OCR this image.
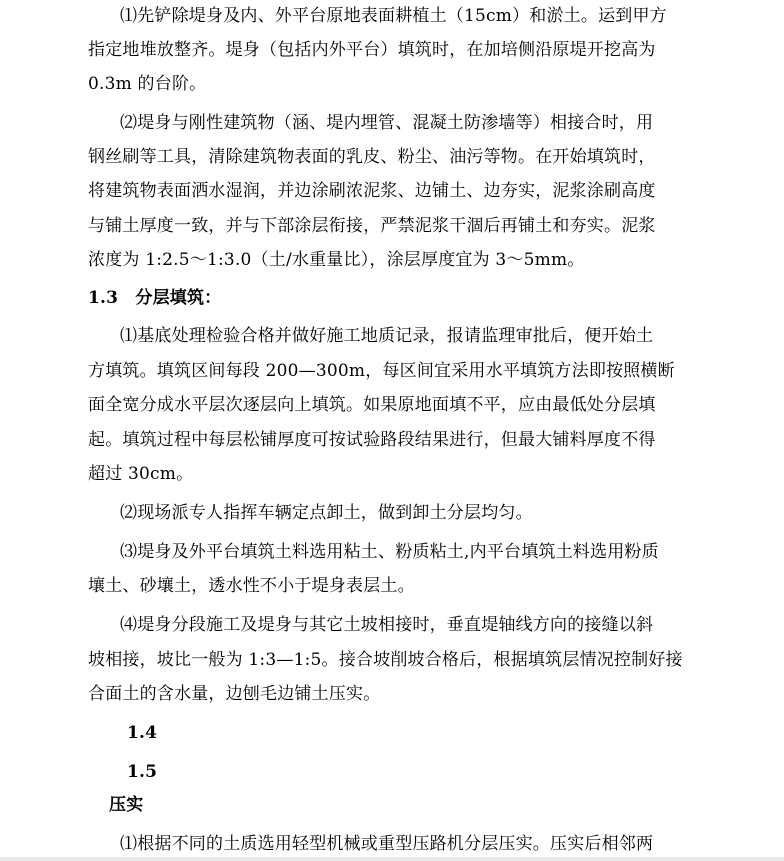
⑴先铲除堤身及内、外平台原地表面耕植土（15cm）和淤土。运到甲方
指定地堆放整齐。堤身（包括内外平台）填筑时，在加培侧沿原堤开挖高为
0.3m 的台阶。
⑵堤身与刚性建筑物（涵、堤内埋管、混凝土防渗墙等）相接合时，用
钢丝刷等工具，清除建筑物表面的乳皮、粉尘、油污等物。在开始填筑时，
将建筑物表面洒水湿润，并边涂刷浓泥浆、边铺土、边夯实，泥浆涂刷高度
与铺土厚度一致，并与下部涂层衔接，严禁泥浆干涸后再铺土和夯实。泥浆
浓度为 1:2.5～1:3.0（土/水重量比），涂层厚度宜为 3～5mm。
1.3　分层填筑：
⑴基底处理检验合格并做好施工地质记录，报请监理审批后，便开始土
方填筑。填筑区间每段 200—300m，每区间宜采用水平填筑方法即按照横断
面全宽分成水平层次逐层向上填筑。如果原地面填不平，应由最低处分层填
起。填筑过程中每层松铺厚度可按试验路段结果进行，但最大铺料厚度不得
超过 30cm。
⑵现场派专人指挥车辆定点卸土，做到卸土分层均匀。
⑶堤身及外平台填筑土料选用粘土、粉质粘土,内平台填筑土料选用粉质
壤土、砂壤土，透水性不小于堤身表层土。
⑷堤身分段施工及堤身与其它土坡相接时，垂直堤轴线方向的接缝以斜
坡相接，坡比一般为 1:3—1:5。接合坡削坡合格后，根据填筑层情况控制好接
合面土的含水量，边刨毛边铺土压实。
1.4
1.5
压实
⑴根据不同的土质选用轻型机械或重型压路机分层压实。压实后相邻两
